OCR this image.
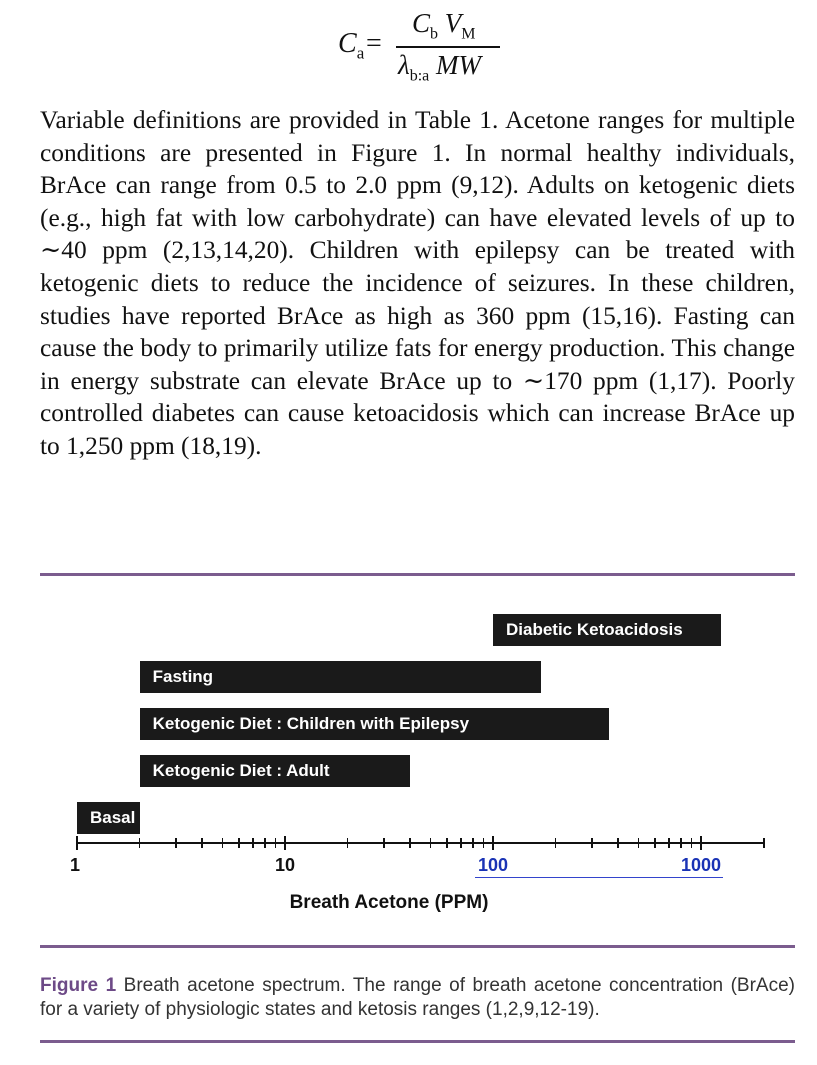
$C_a$ =
$C_b$ $V_M$
$\lambda_{b:a}$ MW

Variable definitions are provided in Table 1. Acetone ranges for multiple conditions are presented in Figure 1. In normal healthy individuals, BrAce can range from 0.5 to 2.0 ppm (9,12). Adults on ketogenic diets (e.g., high fat with low carbohydrate) can have elevated levels of up to ∼40 ppm (2,13,14,20). Children with epilepsy can be treated with ketogenic diets to reduce the incidence of seizures. In these children, studies have reported BrAce as high as 360 ppm (15,16). Fasting can cause the body to primarily utilize fats for energy production. This change in energy substrate can elevate BrAce up to ∼170 ppm (1,17). Poorly controlled diabetes can cause ketoacidosis which can increase BrAce up to 1,250 ppm (18,19).

Diabetic Ketoacidosis
Fasting
Ketogenic Diet : Children with Epilepsy
Ketogenic Diet : Adult
Basal
1	10	100	1000
Breath Acetone (PPM)

Figure 1 Breath acetone spectrum. The range of breath acetone concentration (BrAce) for a variety of physiologic states and ketosis ranges (1,2,9,12-19).
